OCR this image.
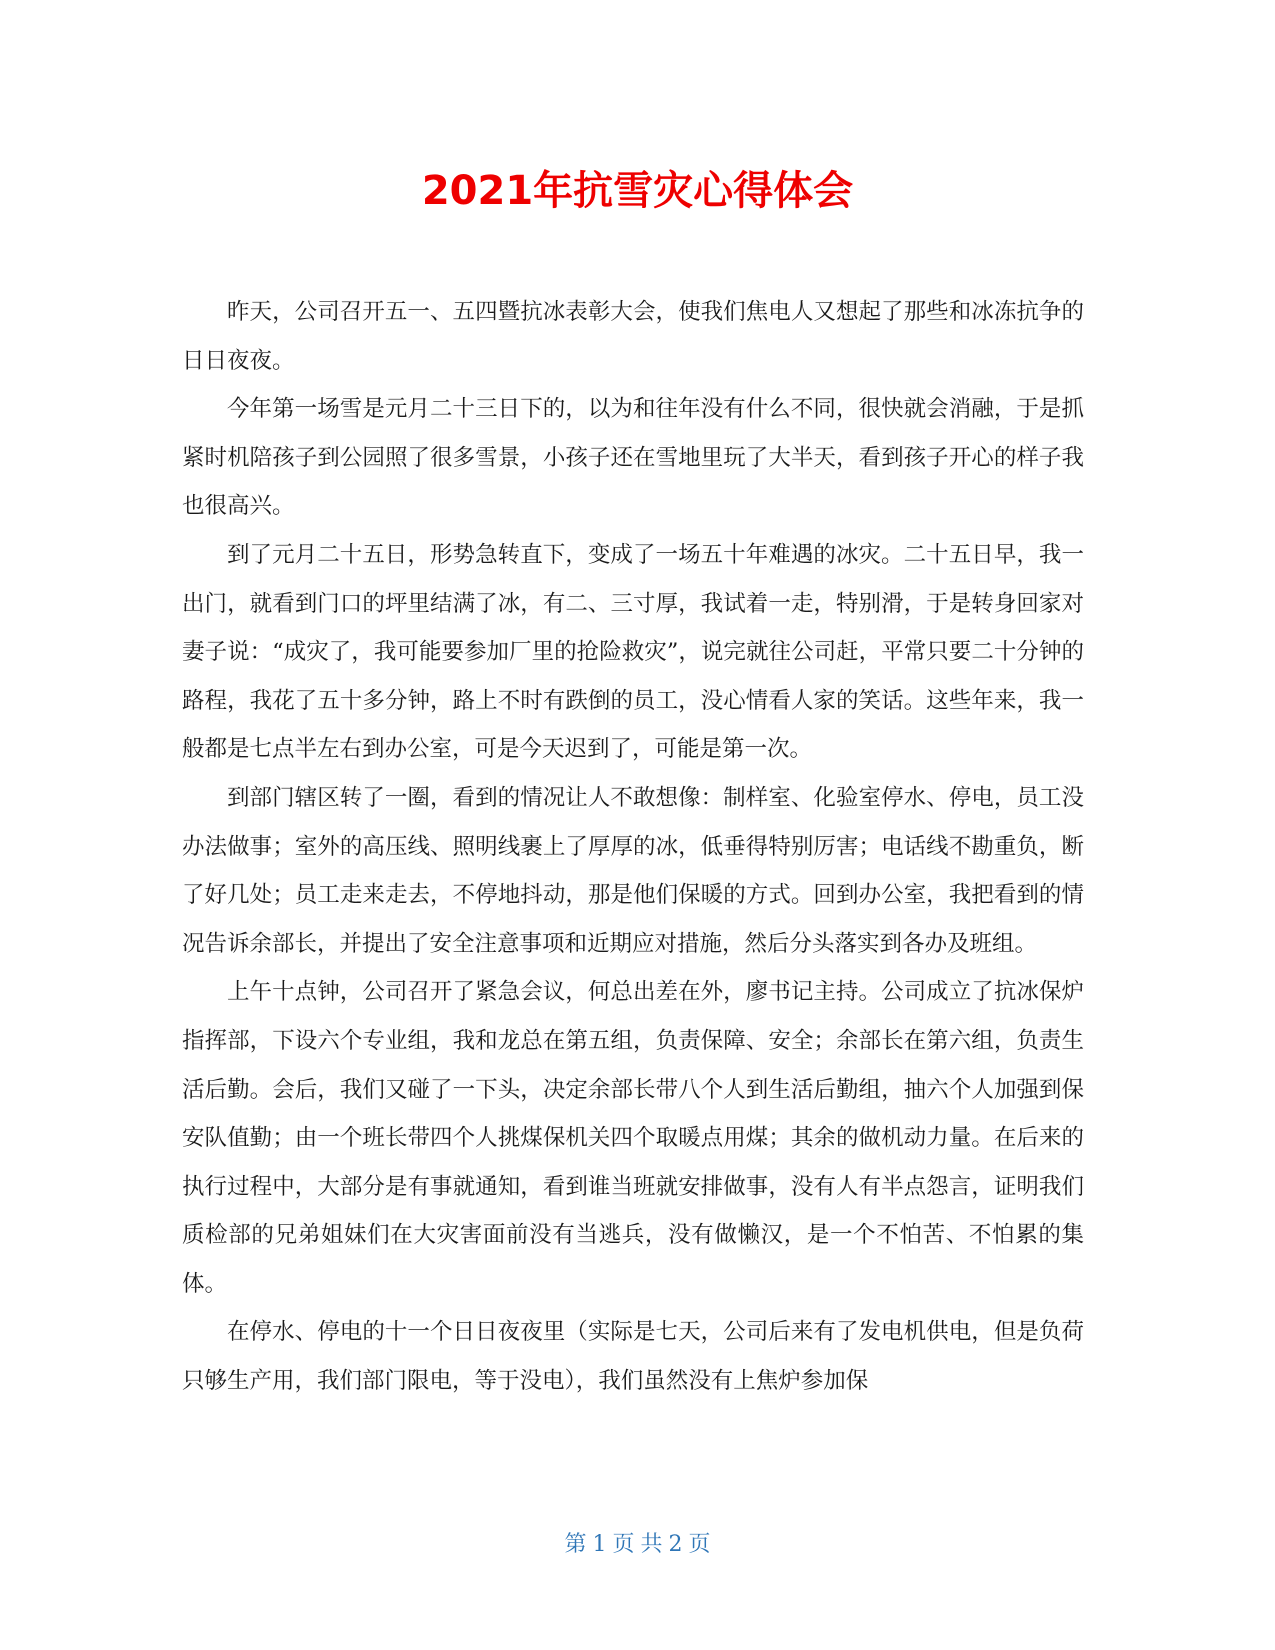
2021年抗雪灾心得体会

昨天，公司召开五一、五四暨抗冰表彰大会，使我们焦电人又想起了那些和冰冻抗争的日日夜夜。

今年第一场雪是元月二十三日下的，以为和往年没有什么不同，很快就会消融，于是抓紧时机陪孩子到公园照了很多雪景，小孩子还在雪地里玩了大半天，看到孩子开心的样子我也很高兴。

到了元月二十五日，形势急转直下，变成了一场五十年难遇的冰灾。二十五日早，我一出门，就看到门口的坪里结满了冰，有二、三寸厚，我试着一走，特别滑，于是转身回家对妻子说：“成灾了，我可能要参加厂里的抢险救灾”，说完就往公司赶，平常只要二十分钟的路程，我花了五十多分钟，路上不时有跌倒的员工，没心情看人家的笑话。这些年来，我一般都是七点半左右到办公室，可是今天迟到了，可能是第一次。

到部门辖区转了一圈，看到的情况让人不敢想像：制样室、化验室停水、停电，员工没办法做事；室外的高压线、照明线裹上了厚厚的冰，低垂得特别厉害；电话线不勘重负，断了好几处；员工走来走去，不停地抖动，那是他们保暖的方式。回到办公室，我把看到的情况告诉余部长，并提出了安全注意事项和近期应对措施，然后分头落实到各办及班组。

上午十点钟，公司召开了紧急会议，何总出差在外，廖书记主持。公司成立了抗冰保炉指挥部，下设六个专业组，我和龙总在第五组，负责保障、安全；余部长在第六组，负责生活后勤。会后，我们又碰了一下头，决定余部长带八个人到生活后勤组，抽六个人加强到保安队值勤；由一个班长带四个人挑煤保机关四个取暖点用煤；其余的做机动力量。在后来的执行过程中，大部分是有事就通知，看到谁当班就安排做事，没有人有半点怨言，证明我们质检部的兄弟姐妹们在大灾害面前没有当逃兵，没有做懒汉，是一个不怕苦、不怕累的集体。

在停水、停电的十一个日日夜夜里（实际是七天，公司后来有了发电机供电，但是负荷只够生产用，我们部门限电，等于没电），我们虽然没有上焦炉参加保

第 1 页 共 2 页
